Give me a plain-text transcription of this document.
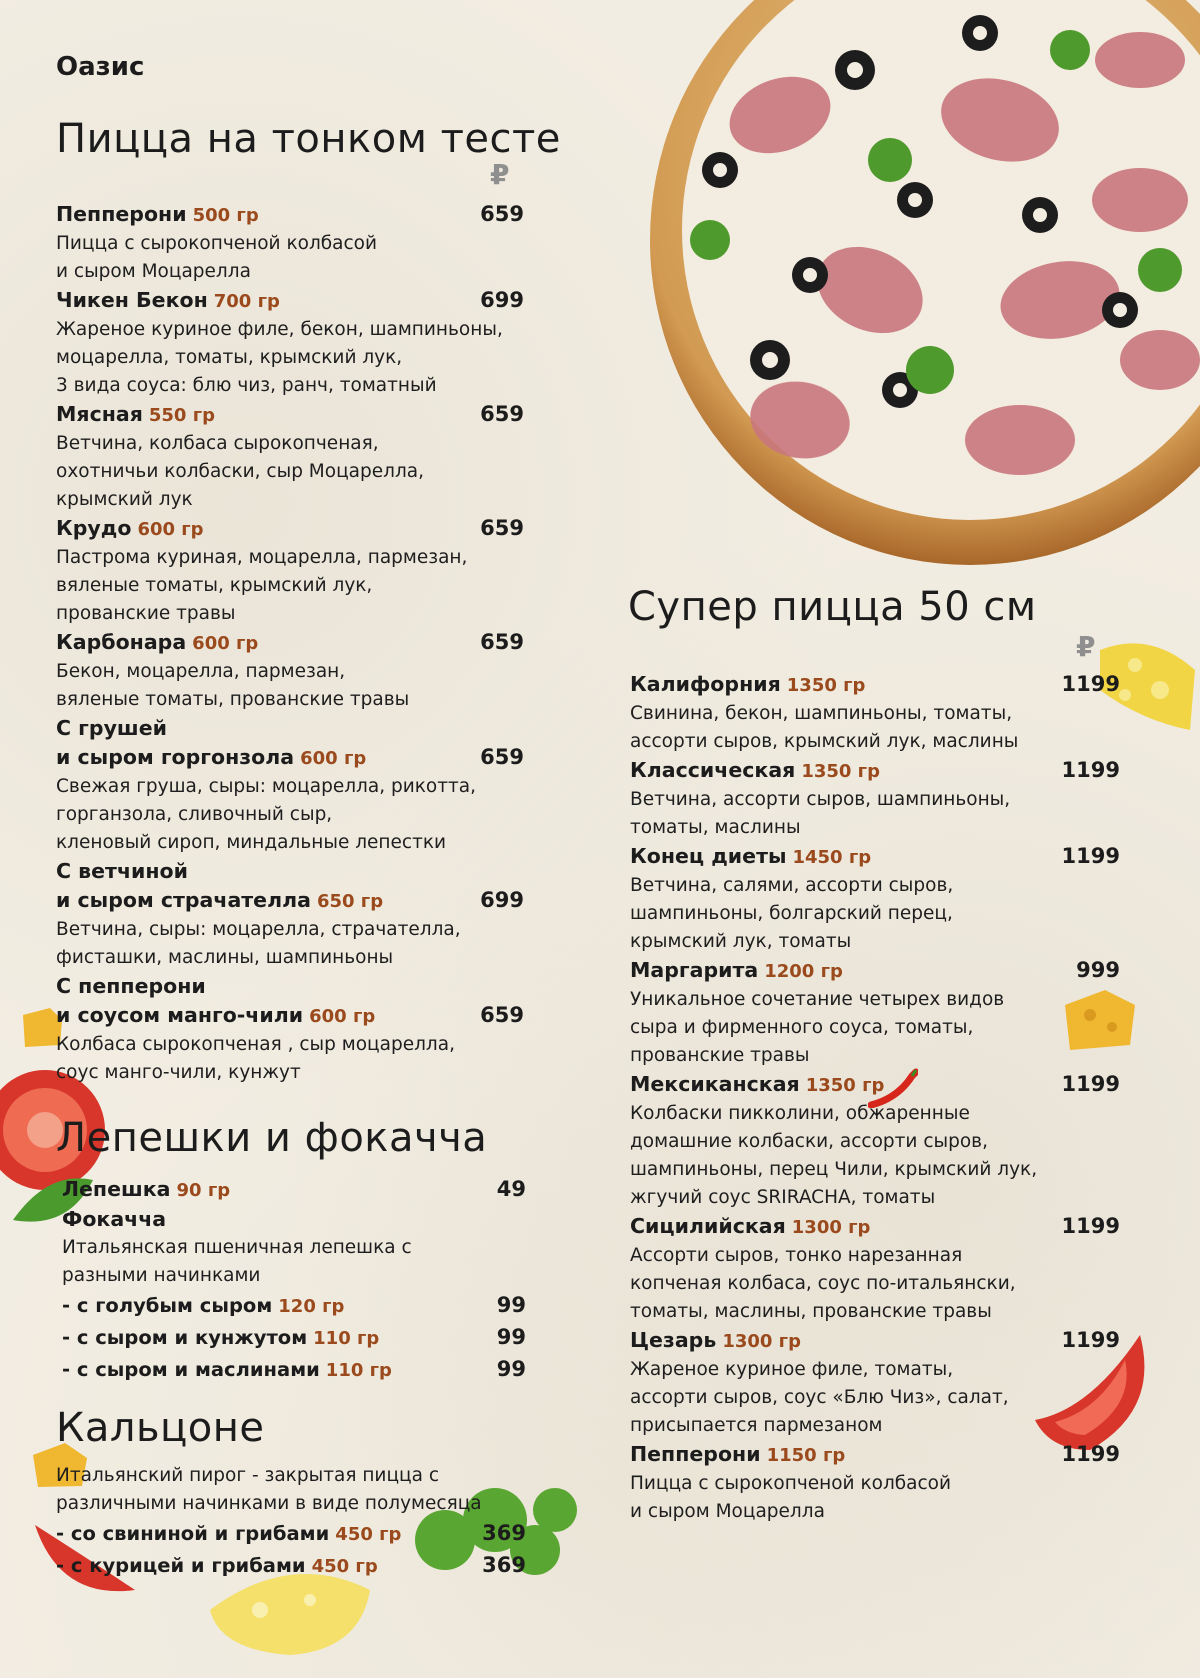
Оазис
Пицца на тонком тесте
₽
Пепперони 500 гр	659
Пицца с сырокопченой колбасой
и сыром Моцарелла
Чикен Бекон 700 гр	699
Жареное куриное филе, бекон, шампиньоны,
моцарелла, томаты, крымский лук,
3 вида соуса: блю чиз, ранч, томатный
Мясная 550 гр	659
Ветчина, колбаса сырокопченая,
охотничьи колбаски, сыр Моцарелла,
крымский лук
Крудо 600 гр	659
Пастрома куриная, моцарелла, пармезан,
вяленые томаты, крымский лук,
прованские травы
Карбонара 600 гр	659
Бекон, моцарелла, пармезан,
вяленые томаты, прованские травы
С грушей
и сыром горгонзола 600 гр	659
Свежая груша, сыры: моцарелла, рикотта,
горганзола, сливочный сыр,
кленовый сироп, миндальные лепестки
С ветчиной
и сыром страчателла 650 гр	699
Ветчина, сыры: моцарелла, страчателла,
фисташки, маслины, шампиньоны
С пепперони
и соусом манго-чили 600 гр	659
Колбаса сырокопченая , сыр моцарелла,
соус манго-чили, кунжут
Лепешки и фокачча
Лепешка 90 гр	49
Фокачча
Итальянская пшеничная лепешка с
разными начинками
- с голубым сыром 120 гр	99
- с сыром и кунжутом 110 гр	99
- с сыром и маслинами 110 гр	99
Кальцоне
Итальянский пирог - закрытая пицца с
различными начинками в виде полумесяца
- со свининой и грибами 450 гр	369
- с курицей и грибами 450 гр	369
Супер пицца 50 см
₽
Калифорния 1350 гр	1199
Свинина, бекон, шампиньоны, томаты,
ассорти сыров, крымский лук, маслины
Классическая 1350 гр	1199
Ветчина, ассорти сыров, шампиньоны,
томаты, маслины
Конец диеты 1450 гр	1199
Ветчина, салями, ассорти сыров,
шампиньоны, болгарский перец,
крымский лук, томаты
Маргарита 1200 гр	999
Уникальное сочетание четырех видов
сыра и фирменного соуса, томаты,
прованские травы
Мексиканская 1350 гр	1199
Колбаски пикколини, обжаренные
домашние колбаски, ассорти сыров,
шампиньоны, перец Чили, крымский лук,
жгучий соус SRIRACHA, томаты
Сицилийская 1300 гр	1199
Ассорти сыров, тонко нарезанная
копченая колбаса, соус по-итальянски,
томаты, маслины, прованские травы
Цезарь 1300 гр	1199
Жареное куриное филе, томаты,
ассорти сыров, соус «Блю Чиз», салат,
присыпается пармезаном
Пепперони 1150 гр	1199
Пицца с сырокопченой колбасой
и сыром Моцарелла
